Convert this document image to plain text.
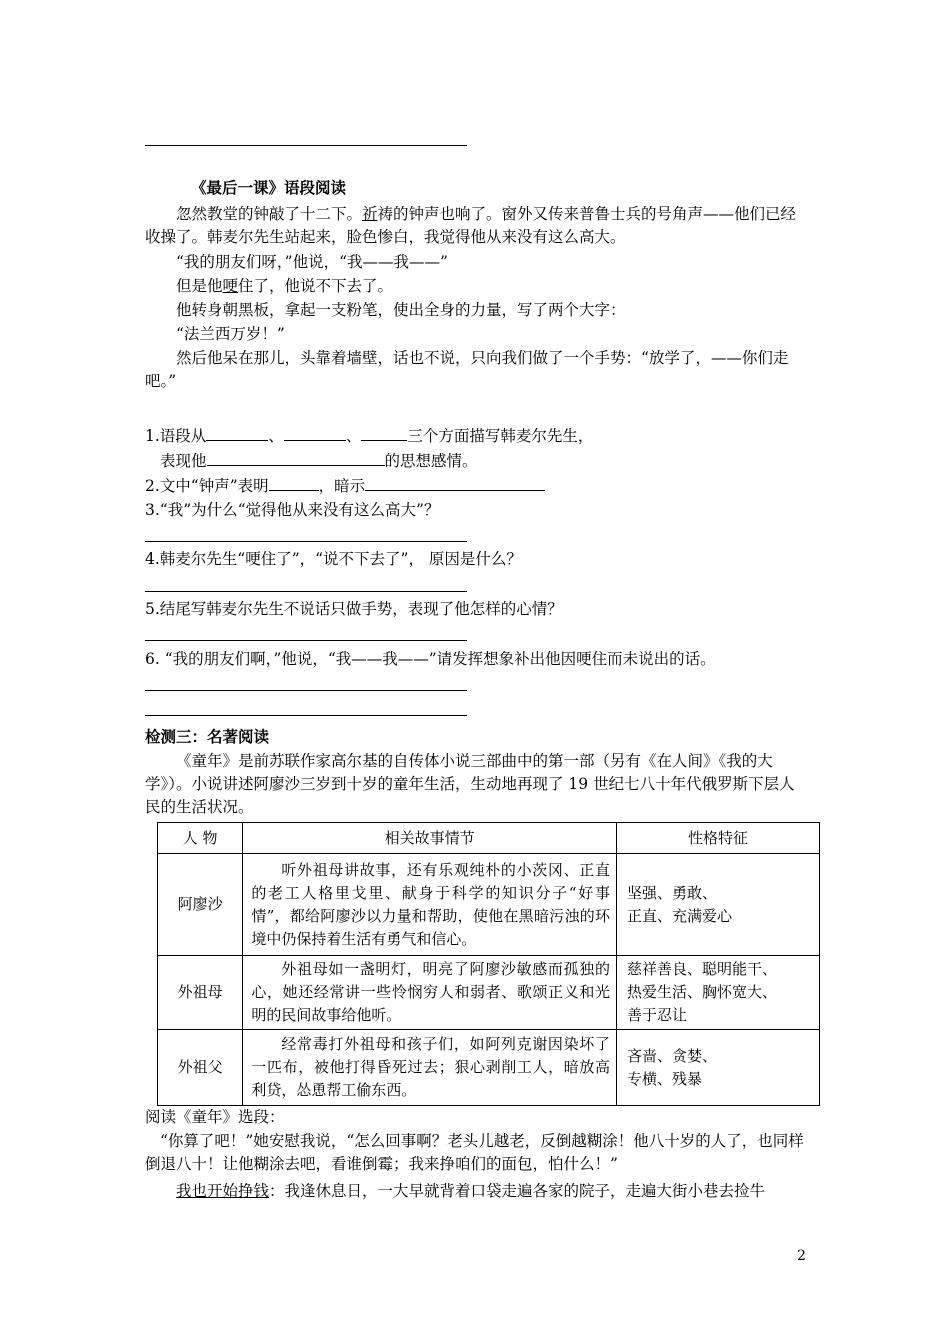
《最后一课》语段阅读
忽然教堂的钟敲了十二下。祈祷的钟声也响了。窗外又传来普鲁士兵的号角声——他们已经收操了。韩麦尔先生站起来，脸色惨白，我觉得他从来没有这么高大。
“我的朋友们呀，”他说，“我——我——”
但是他哽住了，他说不下去了。
他转身朝黑板，拿起一支粉笔，使出全身的力量，写了两个大字：
“法兰西万岁！”
然后他呆在那儿，头靠着墙壁，话也不说，只向我们做了一个手势：“放学了，——你们走吧。”
1.语段从	、	、	三个方面描写韩麦尔先生，
表现他	的思想感情。
2.文中“钟声”表明	，暗示
3.“我”为什么“觉得他从来没有这么高大”？
4.韩麦尔先生“哽住了”，“说不下去了”， 原因是什么？
5.结尾写韩麦尔先生不说话只做手势，表现了他怎样的心情？
6. “我的朋友们啊，”他说，“我——我——”请发挥想象补出他因哽住而未说出的话。
检测三：名著阅读
《童年》是前苏联作家高尔基的自传体小说三部曲中的第一部（另有《在人间》《我的大学》）。小说讲述阿廖沙三岁到十岁的童年生活，生动地再现了 19 世纪七八十年代俄罗斯下层人民的生活状况。
人 物	相关故事情节	性格特征
阿廖沙	听外祖母讲故事，还有乐观纯朴的小茨冈、正直的老工人格里戈里、献身于科学的知识分子“好事情”，都给阿廖沙以力量和帮助，使他在黑暗污浊的环境中仍保持着生活有勇气和信心。	坚强、勇敢、
正直、充满爱心

外祖母	外祖母如一盏明灯，明亮了阿廖沙敏感而孤独的心，她还经常讲一些怜悯穷人和弱者、歌颂正义和光明的民间故事给他听。	慈祥善良、聪明能干、
热爱生活、胸怀宽大、
善于忍让

外祖父	经常毒打外祖母和孩子们，如阿列克谢因染坏了一匹布，被他打得昏死过去；狠心剥削工人，暗放高利贷，怂恿帮工偷东西。	吝啬、贪婪、
专横、残暴
阅读《童年》选段：
“你算了吧！”她安慰我说，“怎么回事啊？老头儿越老，反倒越糊涂！他八十岁的人了，也同样倒退八十！让他糊涂去吧，看谁倒霉；我来挣咱们的面包，怕什么！”
我也开始挣钱：我逢休息日，一大早就背着口袋走遍各家的院子，走遍大街小巷去捡牛
2
